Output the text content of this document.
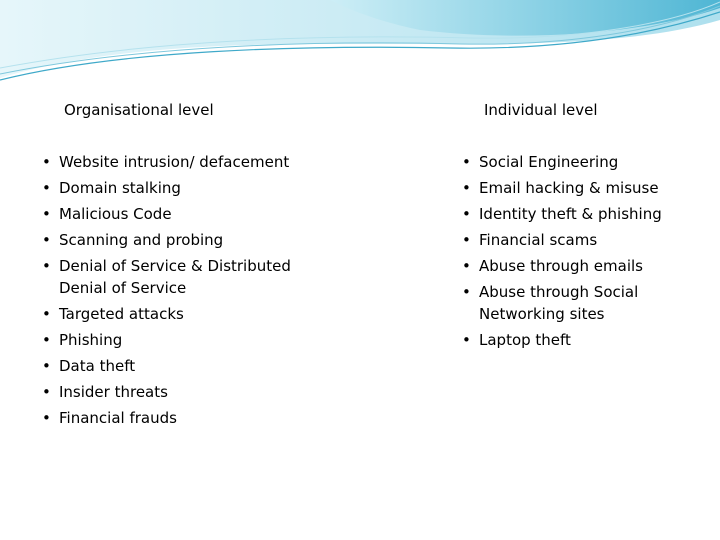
Organisational level	Individual level
• Website intrusion/ defacement
• Domain stalking
• Malicious Code
• Scanning and probing
• Denial of Service & Distributed Denial of Service
• Targeted attacks
• Phishing
• Data theft
• Insider threats
• Financial frauds
• Social Engineering
• Email hacking & misuse
• Identity theft & phishing
• Financial scams
• Abuse through emails
• Abuse through Social Networking sites
• Laptop theft
